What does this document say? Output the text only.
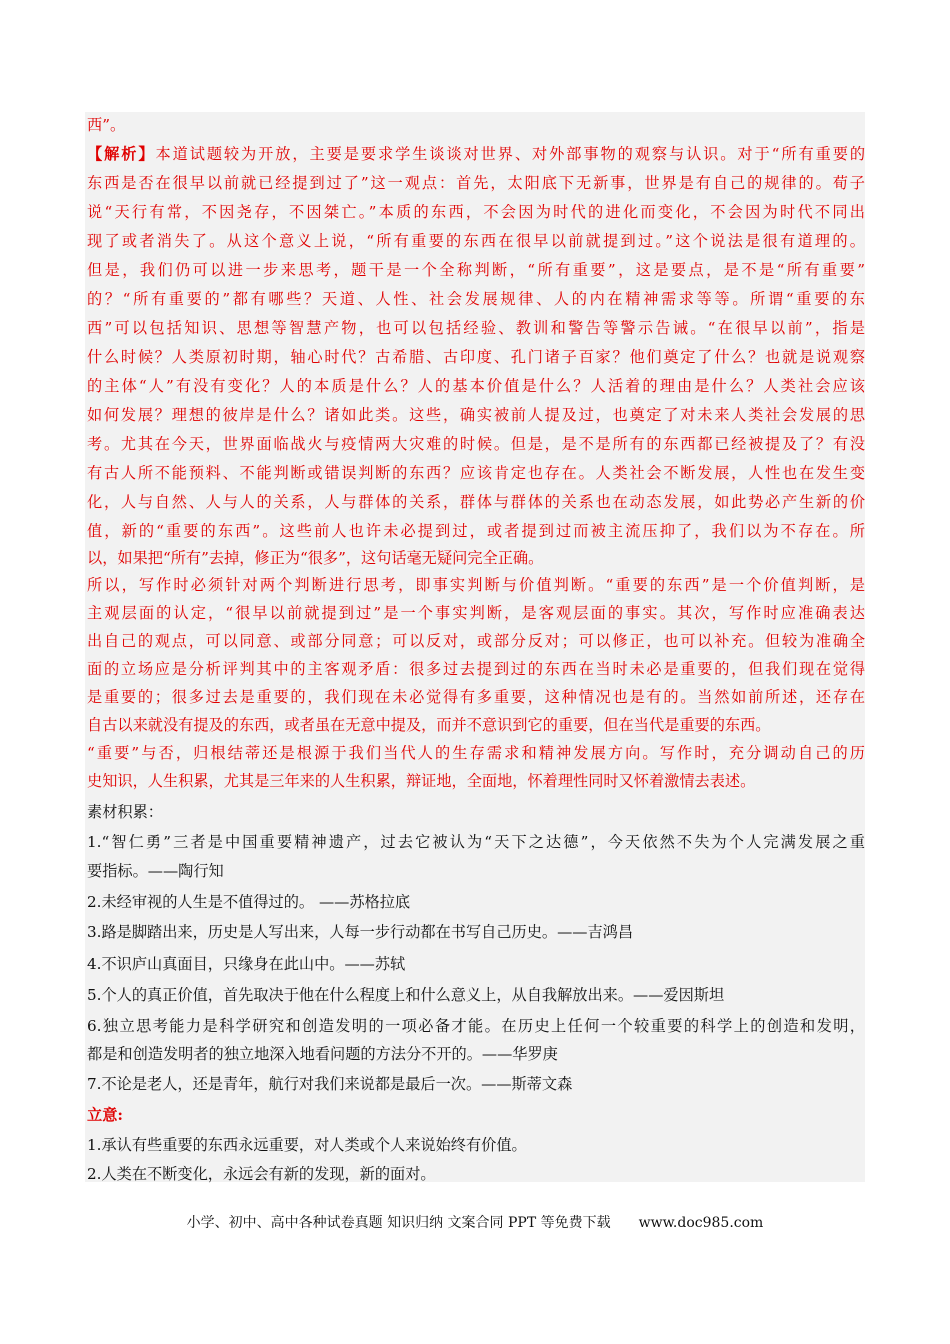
西”。
【解析】本道试题较为开放，主要是要求学生谈谈对世界、对外部事物的观察与认识。对于“所有重要的
东西是否在很早以前就已经提到过了”这一观点：首先，太阳底下无新事，世界是有自己的规律的。荀子
说“天行有常，不因尧存，不因桀亡。”本质的东西，不会因为时代的进化而变化，不会因为时代不同出
现了或者消失了。从这个意义上说，“所有重要的东西在很早以前就提到过。”这个说法是很有道理的。
但是，我们仍可以进一步来思考，题干是一个全称判断，“所有重要”，这是要点，是不是“所有重要”
的？“所有重要的”都有哪些？天道、人性、社会发展规律、人的内在精神需求等等。所谓“重要的东
西”可以包括知识、思想等智慧产物，也可以包括经验、教训和警告等警示告诫。“在很早以前”，指是
什么时候？人类原初时期，轴心时代？古希腊、古印度、孔门诸子百家？他们奠定了什么？也就是说观察
的主体“人”有没有变化？人的本质是什么？人的基本价值是什么？人活着的理由是什么？人类社会应该
如何发展？理想的彼岸是什么？诸如此类。这些，确实被前人提及过，也奠定了对未来人类社会发展的思
考。尤其在今天，世界面临战火与疫情两大灾难的时候。但是，是不是所有的东西都已经被提及了？有没
有古人所不能预料、不能判断或错误判断的东西？应该肯定也存在。人类社会不断发展，人性也在发生变
化，人与自然、人与人的关系，人与群体的关系，群体与群体的关系也在动态发展，如此势必产生新的价
值，新的“重要的东西”。这些前人也许未必提到过，或者提到过而被主流压抑了，我们以为不存在。所
以，如果把“所有”去掉，修正为“很多”，这句话毫无疑问完全正确。
所以，写作时必须针对两个判断进行思考，即事实判断与价值判断。“重要的东西”是一个价值判断，是
主观层面的认定，“很早以前就提到过”是一个事实判断，是客观层面的事实。其次，写作时应准确表达
出自己的观点，可以同意、或部分同意；可以反对，或部分反对；可以修正，也可以补充。但较为准确全
面的立场应是分析评判其中的主客观矛盾：很多过去提到过的东西在当时未必是重要的，但我们现在觉得
是重要的；很多过去是重要的，我们现在未必觉得有多重要，这种情况也是有的。当然如前所述，还存在
自古以来就没有提及的东西，或者虽在无意中提及，而并不意识到它的重要，但在当代是重要的东西。
“重要”与否，归根结蒂还是根源于我们当代人的生存需求和精神发展方向。写作时，充分调动自己的历
史知识，人生积累，尤其是三年来的人生积累，辩证地，全面地，怀着理性同时又怀着激情去表述。
素材积累：
1.“智仁勇”三者是中国重要精神遗产，过去它被认为“天下之达德”，今天依然不失为个人完满发展之重
要指标。——陶行知
2.未经审视的人生是不值得过的。 ——苏格拉底
3.路是脚踏出来，历史是人写出来，人每一步行动都在书写自己历史。——吉鸿昌
4.不识庐山真面目，只缘身在此山中。——苏轼
5.个人的真正价值，首先取决于他在什么程度上和什么意义上，从自我解放出来。——爱因斯坦
6.独立思考能力是科学研究和创造发明的一项必备才能。在历史上任何一个较重要的科学上的创造和发明，
都是和创造发明者的独立地深入地看问题的方法分不开的。——华罗庚
7.不论是老人，还是青年，航行对我们来说都是最后一次。——斯蒂文森
立意:
1.承认有些重要的东西永远重要，对人类或个人来说始终有价值。
2.人类在不断变化，永远会有新的发现，新的面对。
小学、初中、高中各种试卷真题 知识归纳 文案合同 PPT 等免费下载 www.doc985.com
